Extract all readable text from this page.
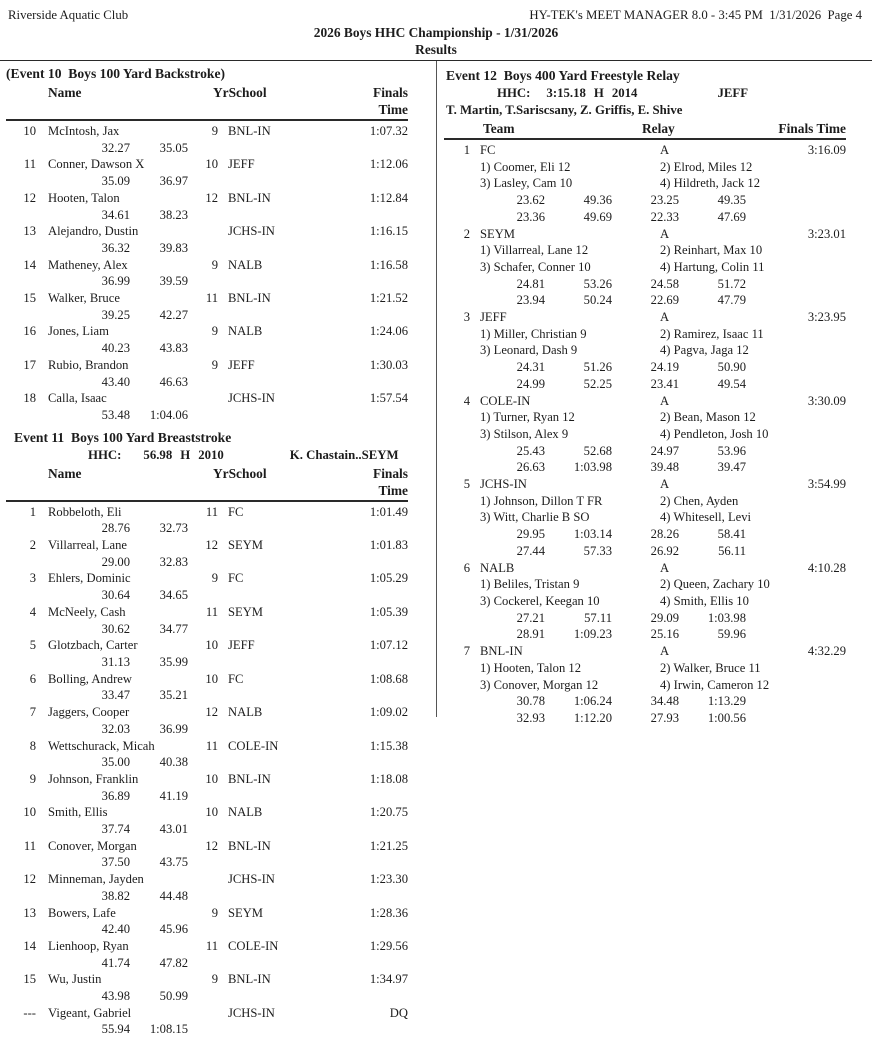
Riverside Aquatic Club	HY-TEK's MEET MANAGER 8.0 - 3:45 PM  1/31/2026  Page 4
2026 Boys HHC Championship - 1/31/2026
Results
(Event 10  Boys 100 Yard Backstroke)
Name	YrSchool	Finals Time
10 McIntosh, Jax	9 BNL-IN	1:07.32
32.27	35.05
11 Conner, Dawson X	10 JEFF	1:12.06
35.09	36.97
12 Hooten, Talon	12 BNL-IN	1:12.84
34.61	38.23
13 Alejandro, Dustin	JCHS-IN	1:16.15
36.32	39.83
14 Matheney, Alex	9 NALB	1:16.58
36.99	39.59
15 Walker, Bruce	11 BNL-IN	1:21.52
39.25	42.27
16 Jones, Liam	9 NALB	1:24.06
40.23	43.83
17 Rubio, Brandon	9 JEFF	1:30.03
43.40	46.63
18 Calla, Isaac	JCHS-IN	1:57.54
53.48	1:04.06
Event 11  Boys 100 Yard Breaststroke
HHC: 56.98 H 2010	K. Chastain..SEYM
Name	YrSchool	Finals Time
1 Robbeloth, Eli	11 FC	1:01.49
28.76	32.73
2 Villarreal, Lane	12 SEYM	1:01.83
29.00	32.83
3 Ehlers, Dominic	9 FC	1:05.29
30.64	34.65
4 McNeely, Cash	11 SEYM	1:05.39
30.62	34.77
5 Glotzbach, Carter	10 JEFF	1:07.12
31.13	35.99
6 Bolling, Andrew	10 FC	1:08.68
33.47	35.21
7 Jaggers, Cooper	12 NALB	1:09.02
32.03	36.99
8 Wettschurack, Micah	11 COLE-IN	1:15.38
35.00	40.38
9 Johnson, Franklin	10 BNL-IN	1:18.08
36.89	41.19
10 Smith, Ellis	10 NALB	1:20.75
37.74	43.01
11 Conover, Morgan	12 BNL-IN	1:21.25
37.50	43.75
12 Minneman, Jayden	JCHS-IN	1:23.30
38.82	44.48
13 Bowers, Lafe	9 SEYM	1:28.36
42.40	45.96
14 Lienhoop, Ryan	11 COLE-IN	1:29.56
41.74	47.82
15 Wu, Justin	9 BNL-IN	1:34.97
43.98	50.99
--- Vigeant, Gabriel	JCHS-IN	DQ
55.94	1:08.15
Event 12  Boys 400 Yard Freestyle Relay
HHC: 3:15.18 H 2014	JEFF
T. Martin, T.Sariscsany, Z. Griffis, E. Shive
Team	Relay	Finals Time
1 FC	A	3:16.09
1) Coomer, Eli 12	2) Elrod, Miles 12
3) Lasley, Cam 10	4) Hildreth, Jack 12
23.62	49.36	23.25	49.35
23.36	49.69	22.33	47.69
2 SEYM	A	3:23.01
1) Villarreal, Lane 12	2) Reinhart, Max 10
3) Schafer, Conner 10	4) Hartung, Colin 11
24.81	53.26	24.58	51.72
23.94	50.24	22.69	47.79
3 JEFF	A	3:23.95
1) Miller, Christian 9	2) Ramirez, Isaac 11
3) Leonard, Dash 9	4) Pagva, Jaga 12
24.31	51.26	24.19	50.90
24.99	52.25	23.41	49.54
4 COLE-IN	A	3:30.09
1) Turner, Ryan 12	2) Bean, Mason 12
3) Stilson, Alex 9	4) Pendleton, Josh 10
25.43	52.68	24.97	53.96
26.63	1:03.98	39.48	39.47
5 JCHS-IN	A	3:54.99
1) Johnson, Dillon T FR	2) Chen, Ayden
3) Witt, Charlie B SO	4) Whitesell, Levi
29.95	1:03.14	28.26	58.41
27.44	57.33	26.92	56.11
6 NALB	A	4:10.28
1) Beliles, Tristan 9	2) Queen, Zachary 10
3) Cockerel, Keegan 10	4) Smith, Ellis 10
27.21	57.11	29.09	1:03.98
28.91	1:09.23	25.16	59.96
7 BNL-IN	A	4:32.29
1) Hooten, Talon 12	2) Walker, Bruce 11
3) Conover, Morgan 12	4) Irwin, Cameron 12
30.78	1:06.24	34.48	1:13.29
32.93	1:12.20	27.93	1:00.56
